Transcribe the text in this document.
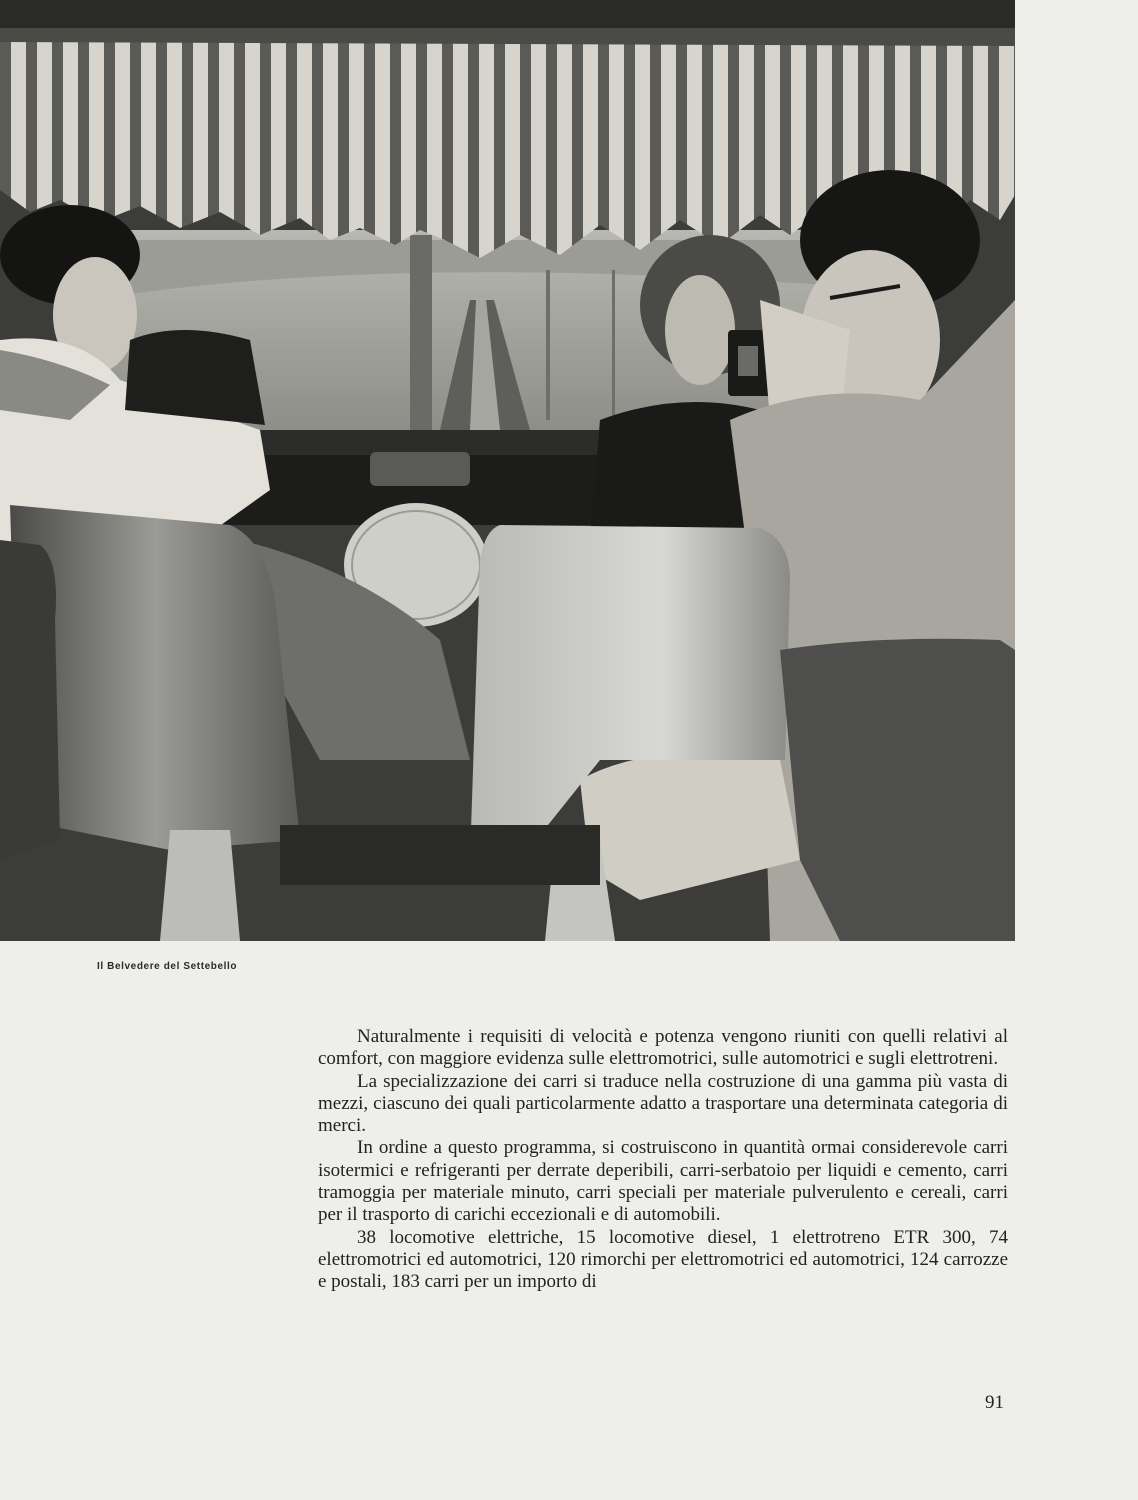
Il Belvedere del Settebello

Naturalmente i requisiti di velocità e potenza vengono riuniti con quelli relativi al comfort, con maggiore evidenza sulle elettromotrici, sulle automotrici e sugli elettrotreni.

La specializzazione dei carri si traduce nella costruzione di una gamma più vasta di mezzi, ciascuno dei quali particolarmente adatto a trasportare una determinata categoria di merci.

In ordine a questo programma, si costruiscono in quantità ormai considerevole carri isotermici e refrigeranti per derrate deperibili, carri-serbatoio per liquidi e cemento, carri tramoggia per materiale minuto, carri speciali per materiale pulverulento e cereali, carri per il trasporto di carichi eccezionali e di automobili.

38 locomotive elettriche, 15 locomotive diesel, 1 elettrotreno ETR 300, 74 elettromotrici ed automotrici, 120 rimorchi per elettromotrici ed automotrici, 124 carrozze e postali, 183 carri per un importo di

91
